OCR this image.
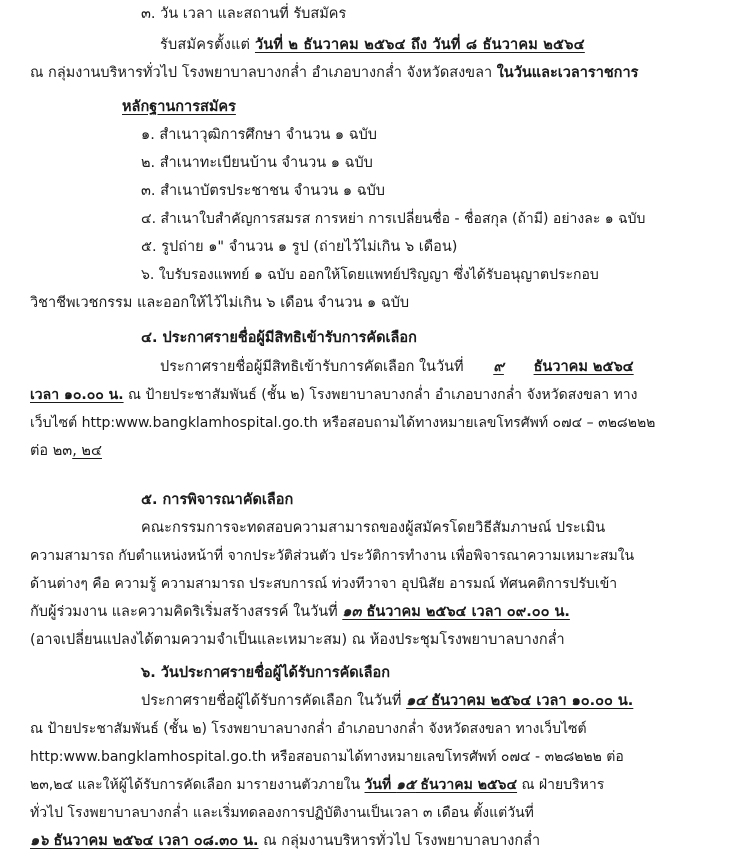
๓. วัน เวลา และสถานที่ รับสมัคร
รับสมัครตั้งแต่ วันที่ ๒ ธันวาคม ๒๕๖๔ ถึง วันที่ ๘ ธันวาคม ๒๕๖๔
ณ กลุ่มงานบริหารทั่วไป โรงพยาบาลบางกล่ำ อำเภอบางกล่ำ จังหวัดสงขลา ในวันและเวลาราชการ
หลักฐานการสมัคร
๑. สำเนาวุฒิการศึกษา จำนวน ๑ ฉบับ
๒. สำเนาทะเบียนบ้าน จำนวน ๑ ฉบับ
๓. สำเนาบัตรประชาชน จำนวน ๑ ฉบับ
๔. สำเนาใบสำคัญการสมรส การหย่า การเปลี่ยนชื่อ - ชื่อสกุล (ถ้ามี) อย่างละ ๑ ฉบับ
๕. รูปถ่าย ๑" จำนวน ๑ รูป (ถ่ายไว้ไม่เกิน ๖ เดือน)
๖. ใบรับรองแพทย์ ๑ ฉบับ ออกให้โดยแพทย์ปริญญา ซึ่งได้รับอนุญาตประกอบ
วิชาชีพเวชกรรม และออกให้ไว้ไม่เกิน ๖ เดือน จำนวน ๑ ฉบับ
๔. ประกาศรายชื่อผู้มีสิทธิเข้ารับการคัดเลือก
ประกาศรายชื่อผู้มีสิทธิเข้ารับการคัดเลือก ในวันที่ ๙ ธันวาคม ๒๕๖๔
เวลา ๑๐.๐๐ น. ณ ป้ายประชาสัมพันธ์ (ชั้น ๒) โรงพยาบาลบางกล่ำ อำเภอบางกล่ำ จังหวัดสงขลา ทาง
เว็บไซต์ http:www.bangklamhospital.go.th หรือสอบถามได้ทางหมายเลขโทรศัพท์ ๐๗๔ – ๓๒๘๒๒๒
ต่อ ๒๓, ๒๔
๕. การพิจารณาคัดเลือก
คณะกรรมการจะทดสอบความสามารถของผู้สมัครโดยวิธีสัมภาษณ์ ประเมิน
ความสามารถ กับตำแหน่งหน้าที่ จากประวัติส่วนตัว ประวัติการทำงาน เพื่อพิจารณาความเหมาะสมใน
ด้านต่างๆ คือ ความรู้ ความสามารถ ประสบการณ์ ท่วงทีวาจา อุปนิสัย อารมณ์ ทัศนคติการปรับเข้า
กับผู้ร่วมงาน และความคิดริเริ่มสร้างสรรค์ ในวันที่ ๑๓ ธันวาคม ๒๕๖๔ เวลา ๐๙.๐๐ น.
(อาจเปลี่ยนแปลงได้ตามความจำเป็นและเหมาะสม) ณ ห้องประชุมโรงพยาบาลบางกล่ำ
๖. วันประกาศรายชื่อผู้ได้รับการคัดเลือก
ประกาศรายชื่อผู้ได้รับการคัดเลือก ในวันที่ ๑๔ ธันวาคม ๒๕๖๔ เวลา ๑๐.๐๐ น.
ณ ป้ายประชาสัมพันธ์ (ชั้น ๒) โรงพยาบาลบางกล่ำ อำเภอบางกล่ำ จังหวัดสงขลา ทางเว็บไซต์
http:www.bangklamhospital.go.th หรือสอบถามได้ทางหมายเลขโทรศัพท์ ๐๗๔ - ๓๒๘๒๒๒ ต่อ
๒๓,๒๔ และให้ผู้ได้รับการคัดเลือก มารายงานตัวภายใน วันที่ ๑๕ ธันวาคม ๒๕๖๔ ณ ฝ่ายบริหาร
ทั่วไป โรงพยาบาลบางกล่ำ และเริ่มทดลองการปฏิบัติงานเป็นเวลา ๓ เดือน ตั้งแต่วันที่
๑๖ ธันวาคม ๒๕๖๔ เวลา ๐๘.๓๐ น. ณ กลุ่มงานบริหารทั่วไป โรงพยาบาลบางกล่ำ
